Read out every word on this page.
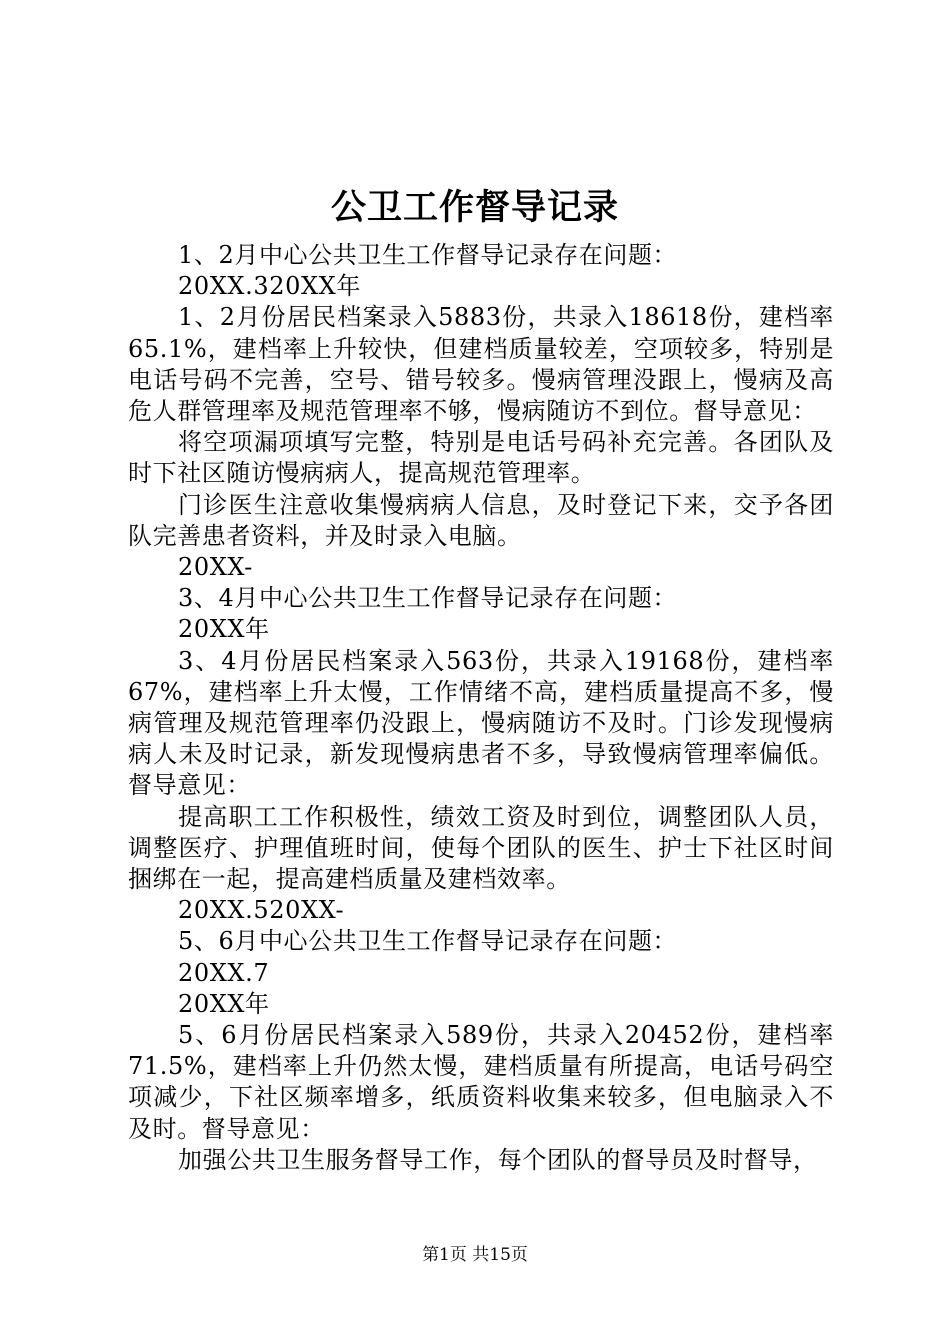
公卫工作督导记录

1、2月中心公共卫生工作督导记录存在问题：

20XX.320XX年

1、2月份居民档案录入5883份，共录入18618份，建档率65.1%，建档率上升较快，但建档质量较差，空项较多，特别是电话号码不完善，空号、错号较多。慢病管理没跟上，慢病及高危人群管理率及规范管理率不够，慢病随访不到位。督导意见：

将空项漏项填写完整，特别是电话号码补充完善。各团队及时下社区随访慢病病人，提高规范管理率。

门诊医生注意收集慢病病人信息，及时登记下来，交予各团队完善患者资料，并及时录入电脑。

20XX-

3、4月中心公共卫生工作督导记录存在问题：

20XX年

3、4月份居民档案录入563份，共录入19168份，建档率67%，建档率上升太慢，工作情绪不高，建档质量提高不多，慢病管理及规范管理率仍没跟上，慢病随访不及时。门诊发现慢病病人未及时记录，新发现慢病患者不多，导致慢病管理率偏低。督导意见：

提高职工工作积极性，绩效工资及时到位，调整团队人员，调整医疗、护理值班时间，使每个团队的医生、护士下社区时间捆绑在一起，提高建档质量及建档效率。

20XX.520XX-

5、6月中心公共卫生工作督导记录存在问题：

20XX.7

20XX年

5、6月份居民档案录入589份，共录入20452份，建档率71.5%，建档率上升仍然太慢，建档质量有所提高，电话号码空项减少，下社区频率增多，纸质资料收集来较多，但电脑录入不及时。督导意见：

加强公共卫生服务督导工作，每个团队的督导员及时督导，

第1页 共15页
